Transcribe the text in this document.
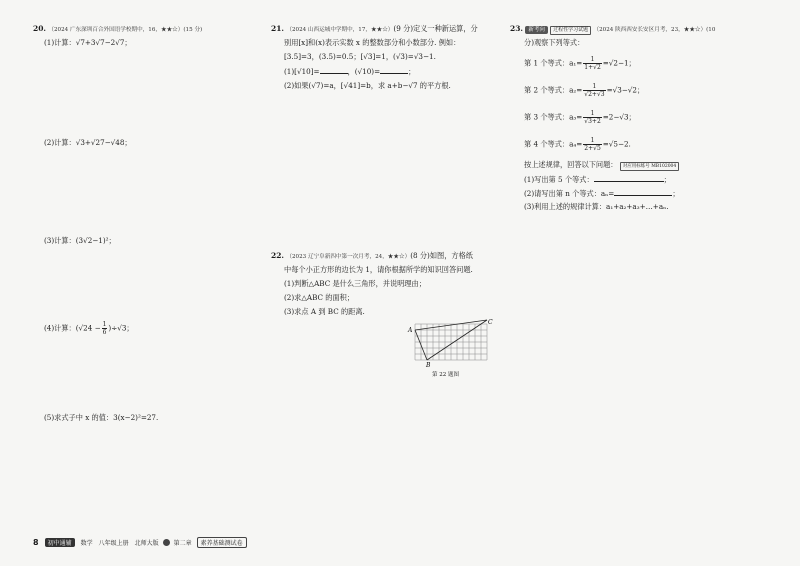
20. （2024 广东深圳百合外国语学校期中，16，★★☆）(15 分)
(1)计算：√7+3√7−2√7；
(2)计算：√3+√27−√48；
(3)计算：(3√2−1)²；
(4)计算：$(√24 - \frac{1}{6} )\div√3$；
(5)求式子中 x 的值：3(x−2)²=27.
21. （2024 山西运城中学期中，17，★★☆）(9 分)定义一种新运算，分
别用[x]和(x)表示实数 x 的整数部分和小数部分. 例如：
[3.5]=3，(3.5)=0.5；[√3]=1，(√3)=√3−1.
(1)[√10]=	，(√10)=	；
(2)如果(√7)=a，[√41]=b，求 a+b−√7 的平方根.
22. （2023 辽宁阜新四中第一次月考，24，★★☆）(8 分)如图，方格纸
中每个小正方形的边长为 1，请你根据所学的知识回答问题.
(1)判断△ABC 是什么三角形，并说明理由；
(2)求△ABC 的面积；
(3)求点 A 到 BC 的距离.
A
B
C
第 22 题图
23. 新考向 过程性学习试题 （2024 陕西西安长安区月考，23，★★☆）(10
分)观察下列等式：
第 1 个等式：$a_1= \frac{1}{1+√2} =√2-1$；
第 2 个等式：$a_2= \frac{1}{√2+√3} =√3-√2$；
第 3 个等式：$a_3= \frac{1}{√3+2} =2-√3$；
第 4 个等式：$a_4= \frac{1}{2+√5} =√5-2$.
按上述规律，回答以下问题： 对应用标练号 MB102004
(1)写出第 5 个等式：	；
(2)请写出第 n 个等式：aₙ=	；
(3)利用上述的规律计算：a₁+a₂+a₃+…+aₙ.
8	初中通辅	数学 八年级上册 北师大版	第二章	素养基础测试卷
